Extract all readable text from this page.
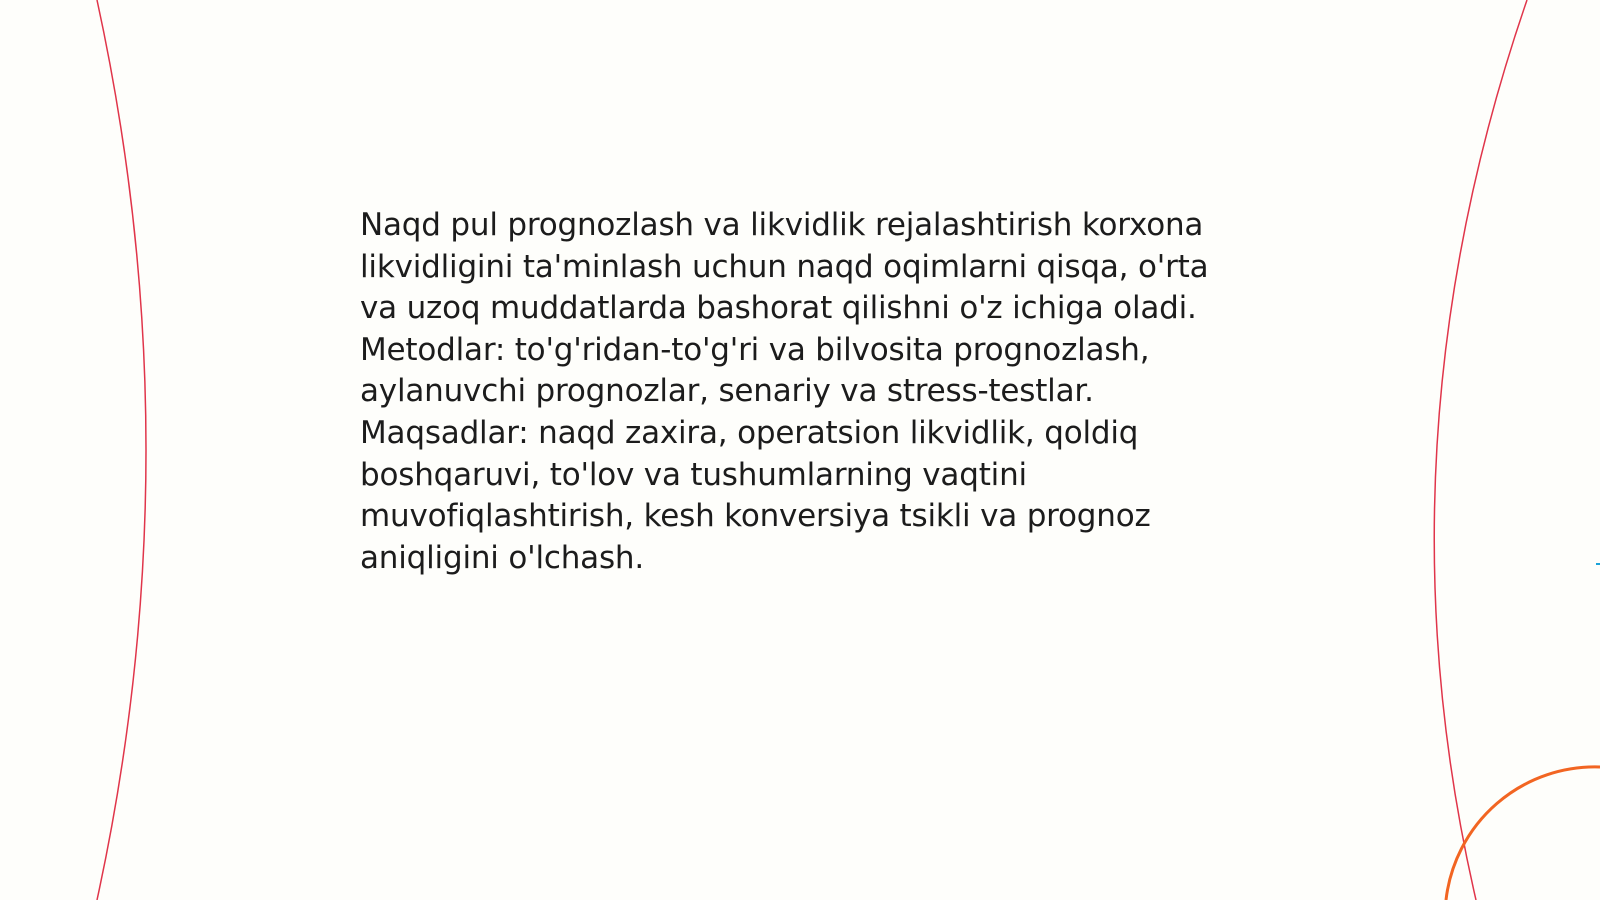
Naqd pul prognozlash va likvidlik rejalashtirish korxona likvidligini ta'minlash uchun naqd oqimlarni qisqa, o'rta va uzoq muddatlarda bashorat qilishni o'z ichiga oladi. Metodlar: to'g'ridan-to'g'ri va bilvosita prognozlash, aylanuvchi prognozlar, senariy va stress-testlar. Maqsadlar: naqd zaxira, operatsion likvidlik, qoldiq boshqaruvi, to'lov va tushumlarning vaqtini muvofiqlashtirish, kesh konversiya tsikli va prognoz aniqligini o'lchash.
